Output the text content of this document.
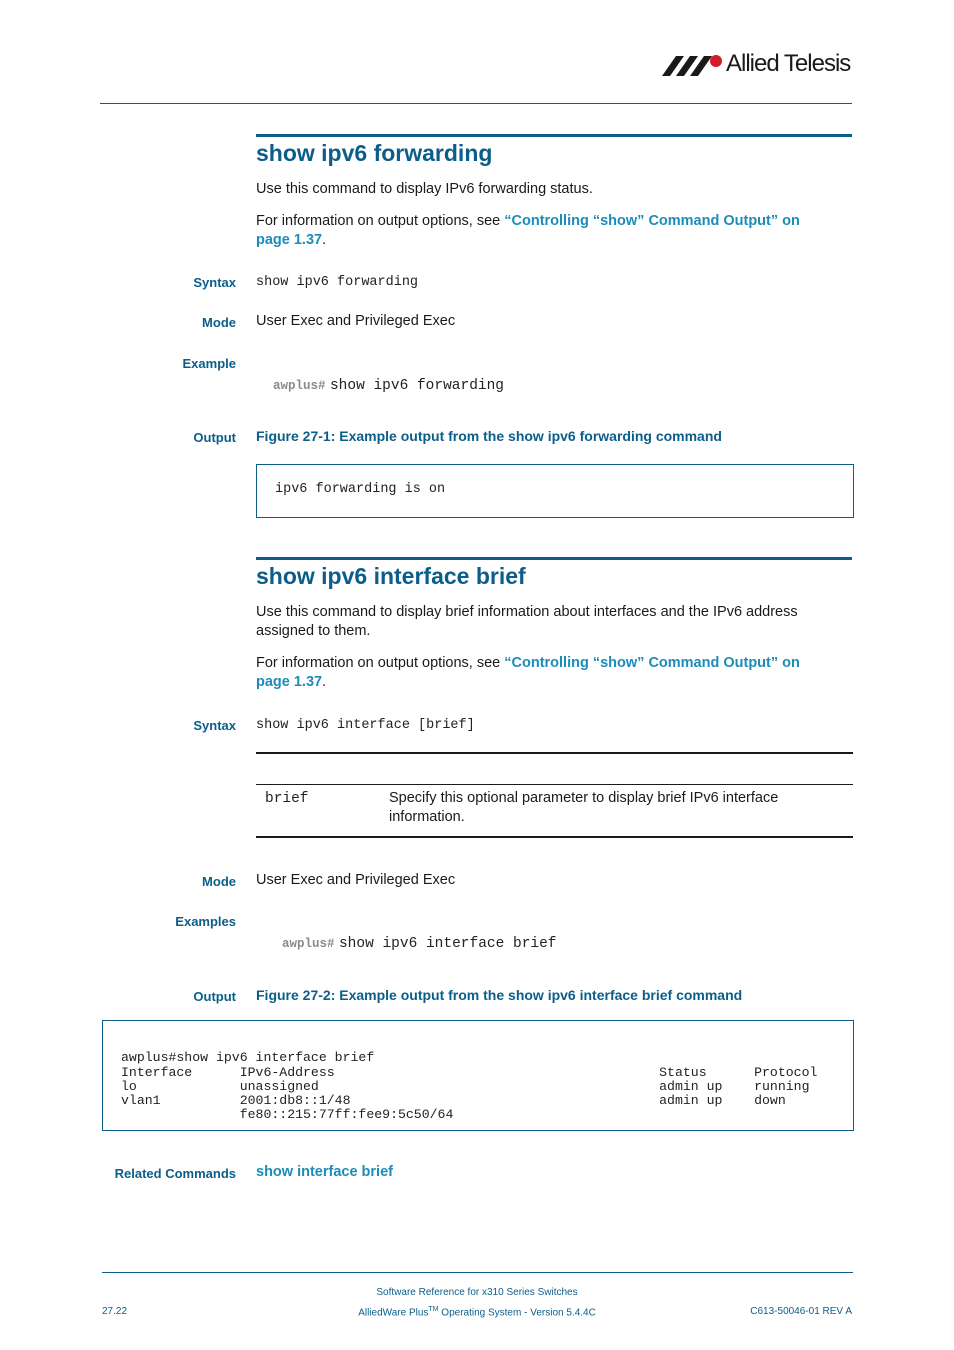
Allied Telesis
show ipv6 forwarding
Use this command to display IPv6 forwarding status.
For information on output options, see “Controlling “show” Command Output” on
page 1.37.
Syntax show ipv6 forwarding
Mode User Exec and Privileged Exec
Example
awplus# show ipv6 forwarding
Output Figure 27-1: Example output from the show ipv6 forwarding command
ipv6 forwarding is on
show ipv6 interface brief
Use this command to display brief information about interfaces and the IPv6 address
assigned to them.
For information on output options, see “Controlling “show” Command Output” on
page 1.37.
Syntax show ipv6 interface [brief]
brief	Specify this optional parameter to display brief IPv6 interface
information.
Mode User Exec and Privileged Exec
Examples
awplus# show ipv6 interface brief
Output Figure 27-2: Example output from the show ipv6 interface brief command

awplus#show ipv6 interface brief
Interface      IPv6-Address                                         Status      Protocol
lo             unassigned                                           admin up    running
vlan1          2001:db8::1/48                                       admin up    down
fe80::215:77ff:fee9:5c50/64

Related Commands show interface brief
Software Reference for x310 Series Switches
27.22	AlliedWare Plus™ Operating System - Version 5.4.4C	C613-50046-01 REV A
